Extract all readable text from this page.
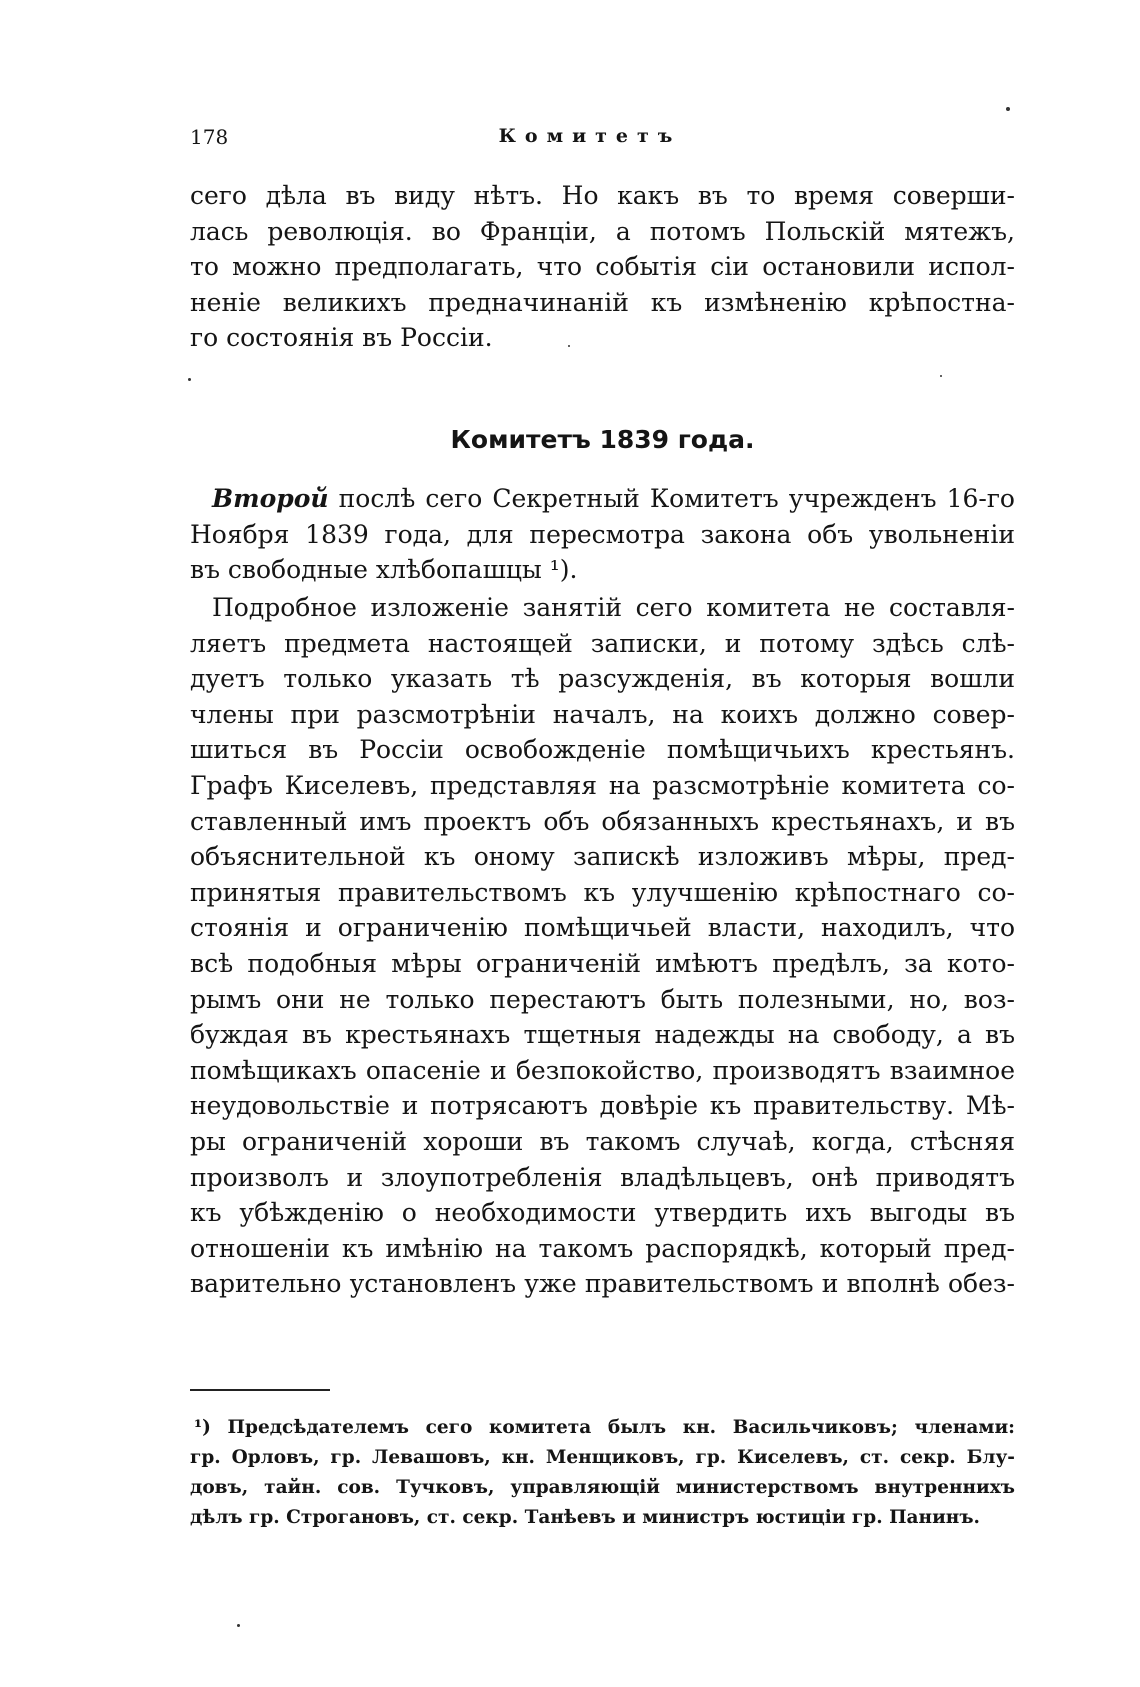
178	Комитетъ
сего дѣла въ виду нѣтъ. Но какъ въ то время соверши-
лась революція. во Франціи, а потомъ Польскій мятежъ,
то можно предполагать, что событія сіи остановили испол-
неніе великихъ предначинаній къ измѣненію крѣпостна-
го состоянія въ Россіи.
Комитетъ 1839 года.
Второй послѣ сего Секретный Комитетъ учрежденъ 16-го
Ноября 1839 года, для пересмотра закона объ увольненіи
въ свободные хлѣбопашцы ¹).
Подробное изложеніе занятій сего комитета не составля-
ляетъ предмета настоящей записки, и потому здѣсь слѣ-
дуетъ только указать тѣ разсужденія, въ которыя вошли
члены при разсмотрѣніи началъ, на коихъ должно совер-
шиться въ Россіи освобожденіе помѣщичьихъ крестьянъ.
Графъ Киселевъ, представляя на разсмотрѣніе комитета со-
ставленный имъ проектъ объ обязанныхъ крестьянахъ, и въ
объяснительной къ оному запискѣ изложивъ мѣры, пред-
принятыя правительствомъ къ улучшенію крѣпостнаго со-
стоянія и ограниченію помѣщичьей власти, находилъ, что
всѣ подобныя мѣры ограниченій имѣютъ предѣлъ, за кото-
рымъ они не только перестаютъ быть полезными, но, воз-
буждая въ крестьянахъ тщетныя надежды на свободу, а въ
помѣщикахъ опасеніе и безпокойство, производятъ взаимное
неудовольствіе и потрясаютъ довѣріе къ правительству. Мѣ-
ры ограниченій хороши въ такомъ случаѣ, когда, стѣсняя
произволъ и злоупотребленія владѣльцевъ, онѣ приводятъ
къ убѣжденію о необходимости утвердить ихъ выгоды въ
отношеніи къ имѣнію на такомъ распорядкѣ, который пред-
варительно установленъ уже правительствомъ и вполнѣ обез-
¹) Предсѣдателемъ сего комитета былъ кн. Васильчиковъ; членами:
гр. Орловъ, гр. Левашовъ, кн. Менщиковъ, гр. Киселевъ, ст. секр. Блу-
довъ, тайн. сов. Тучковъ, управляющій министерствомъ внутреннихъ
дѣлъ гр. Строгановъ, ст. секр. Танѣевъ и министръ юстиціи гр. Панинъ.
